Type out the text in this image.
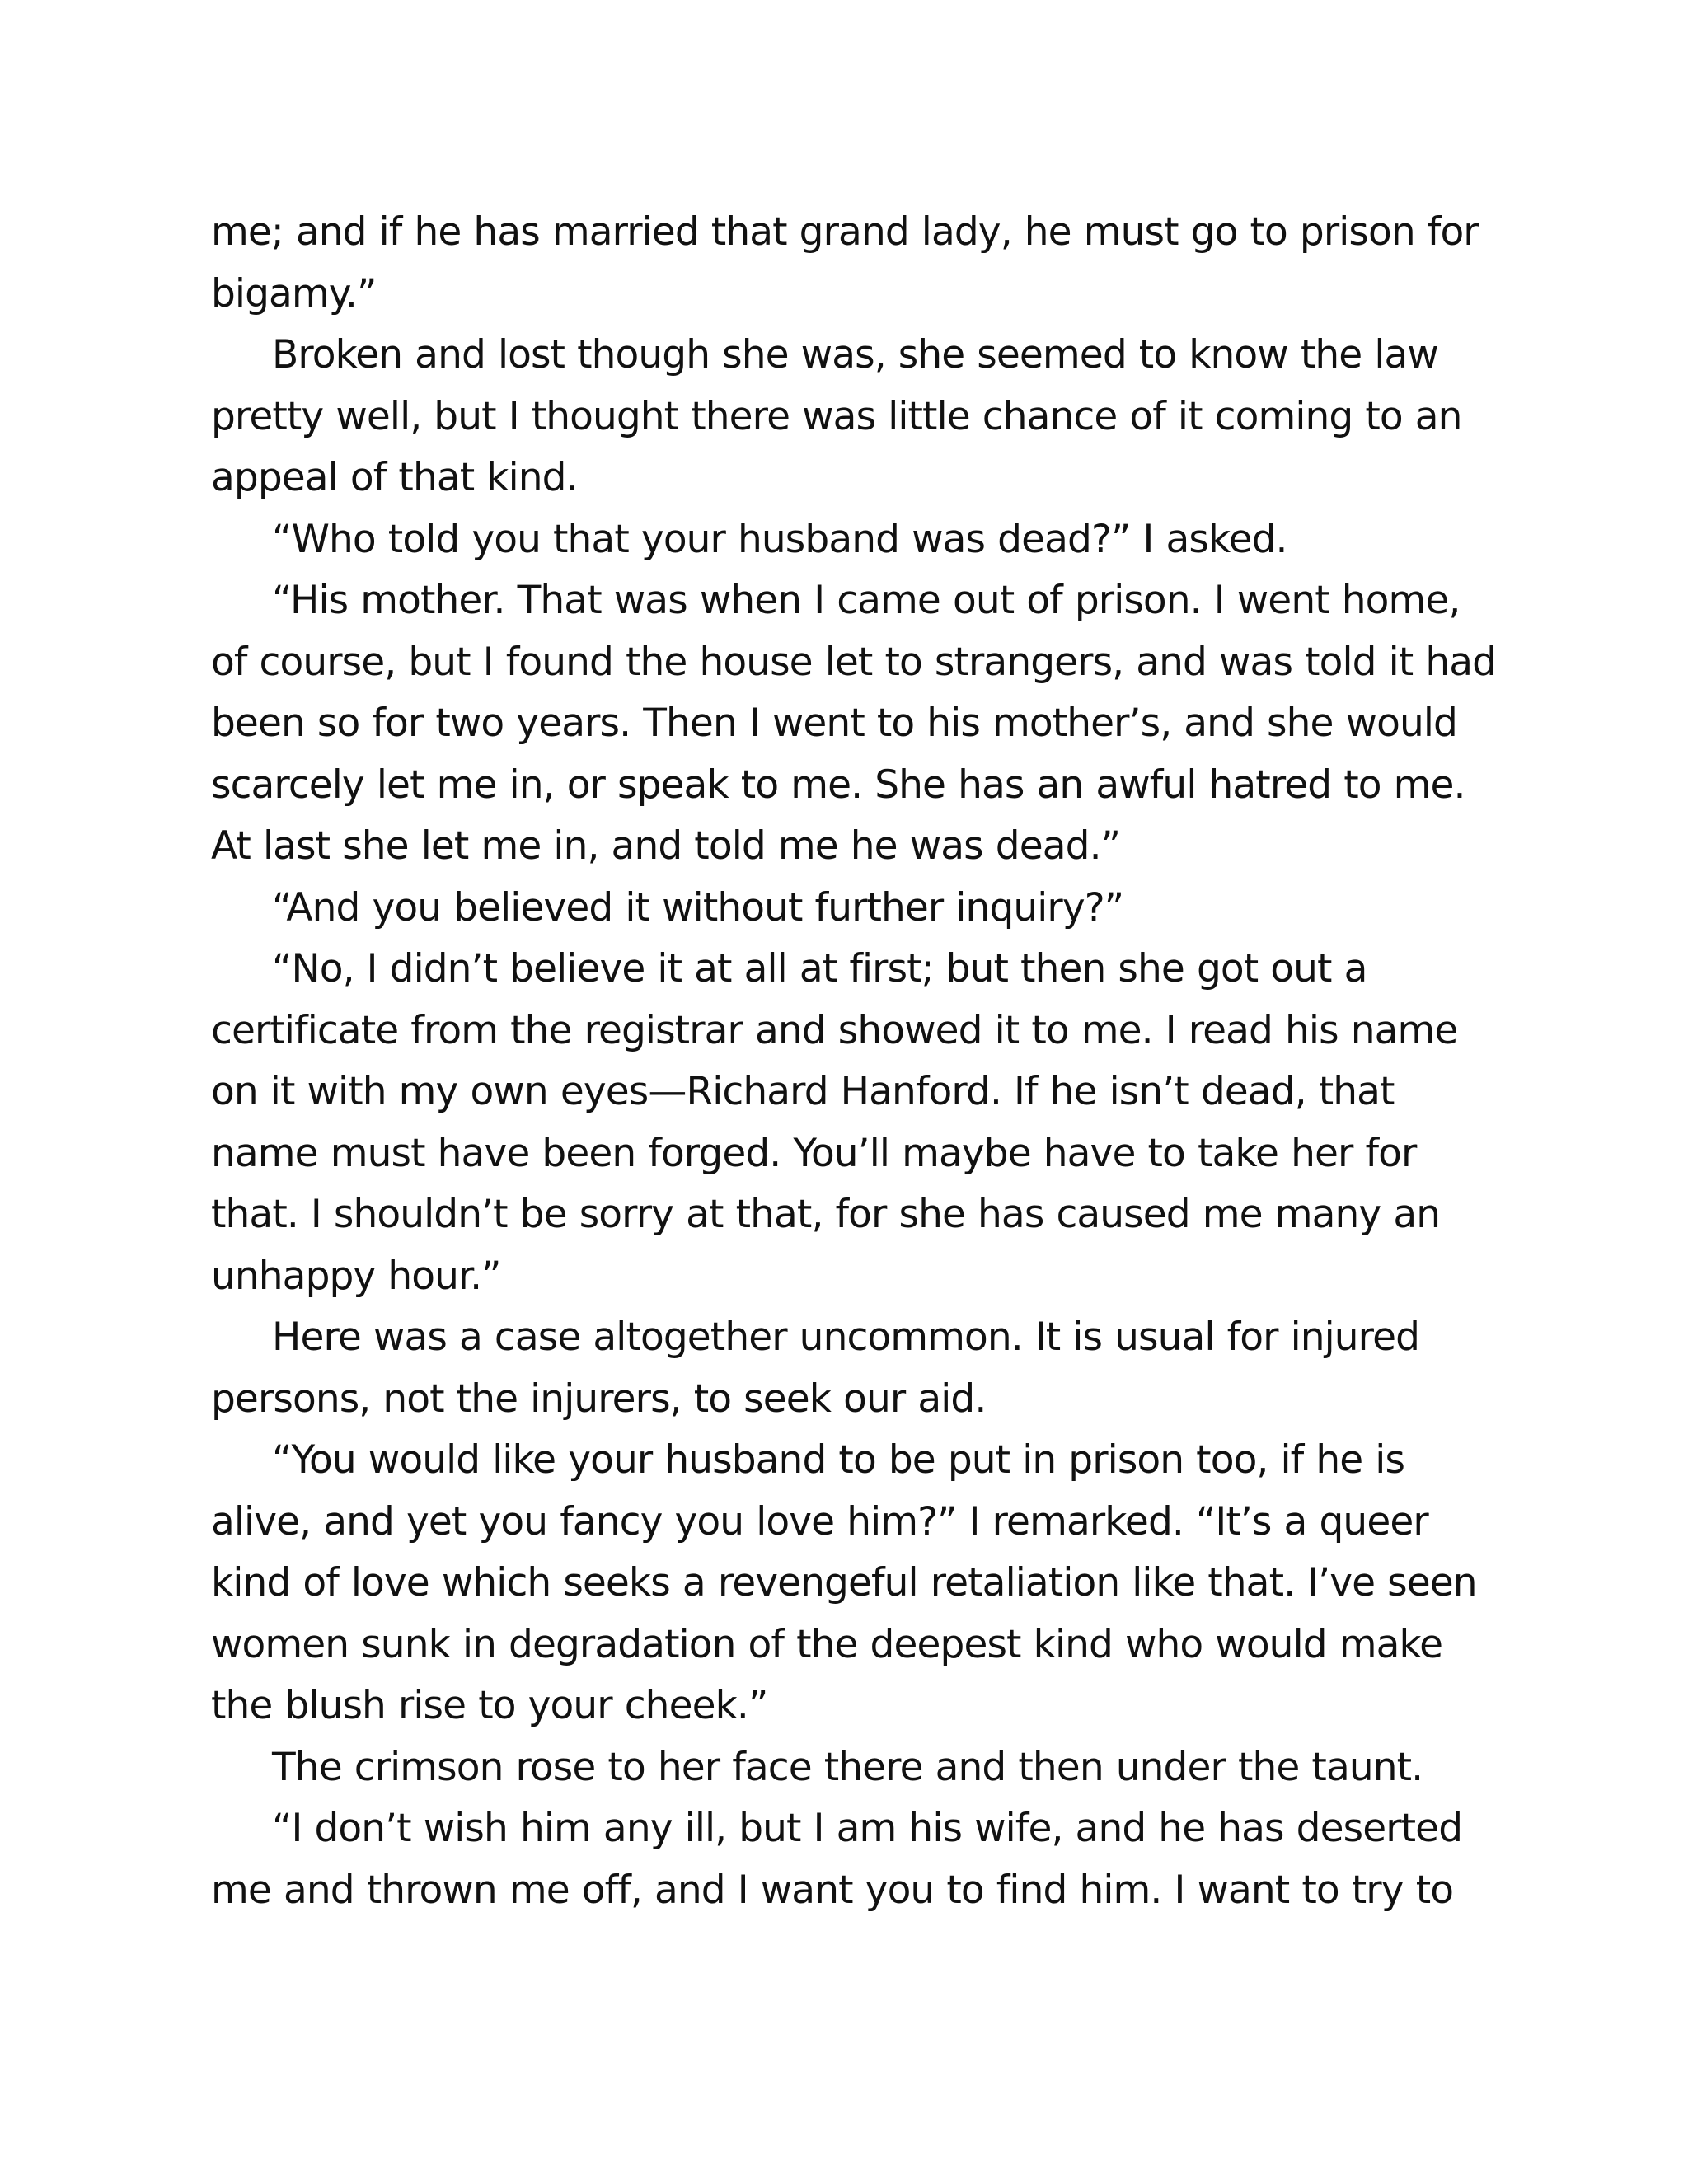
me; and if he has married that grand lady, he must go to prison for
bigamy.”
Broken and lost though she was, she seemed to know the law
pretty well, but I thought there was little chance of it coming to an
appeal of that kind.
“Who told you that your husband was dead?” I asked.
“His mother. That was when I came out of prison. I went home,
of course, but I found the house let to strangers, and was told it had
been so for two years. Then I went to his mother’s, and she would
scarcely let me in, or speak to me. She has an awful hatred to me.
At last she let me in, and told me he was dead.”
“And you believed it without further inquiry?”
“No, I didn’t believe it at all at first; but then she got out a
certificate from the registrar and showed it to me. I read his name
on it with my own eyes—Richard Hanford. If he isn’t dead, that
name must have been forged. You’ll maybe have to take her for
that. I shouldn’t be sorry at that, for she has caused me many an
unhappy hour.”
Here was a case altogether uncommon. It is usual for injured
persons, not the injurers, to seek our aid.
“You would like your husband to be put in prison too, if he is
alive, and yet you fancy you love him?” I remarked. “It’s a queer
kind of love which seeks a revengeful retaliation like that. I’ve seen
women sunk in degradation of the deepest kind who would make
the blush rise to your cheek.”
The crimson rose to her face there and then under the taunt.
“I don’t wish him any ill, but I am his wife, and he has deserted
me and thrown me off, and I want you to find him. I want to try to
